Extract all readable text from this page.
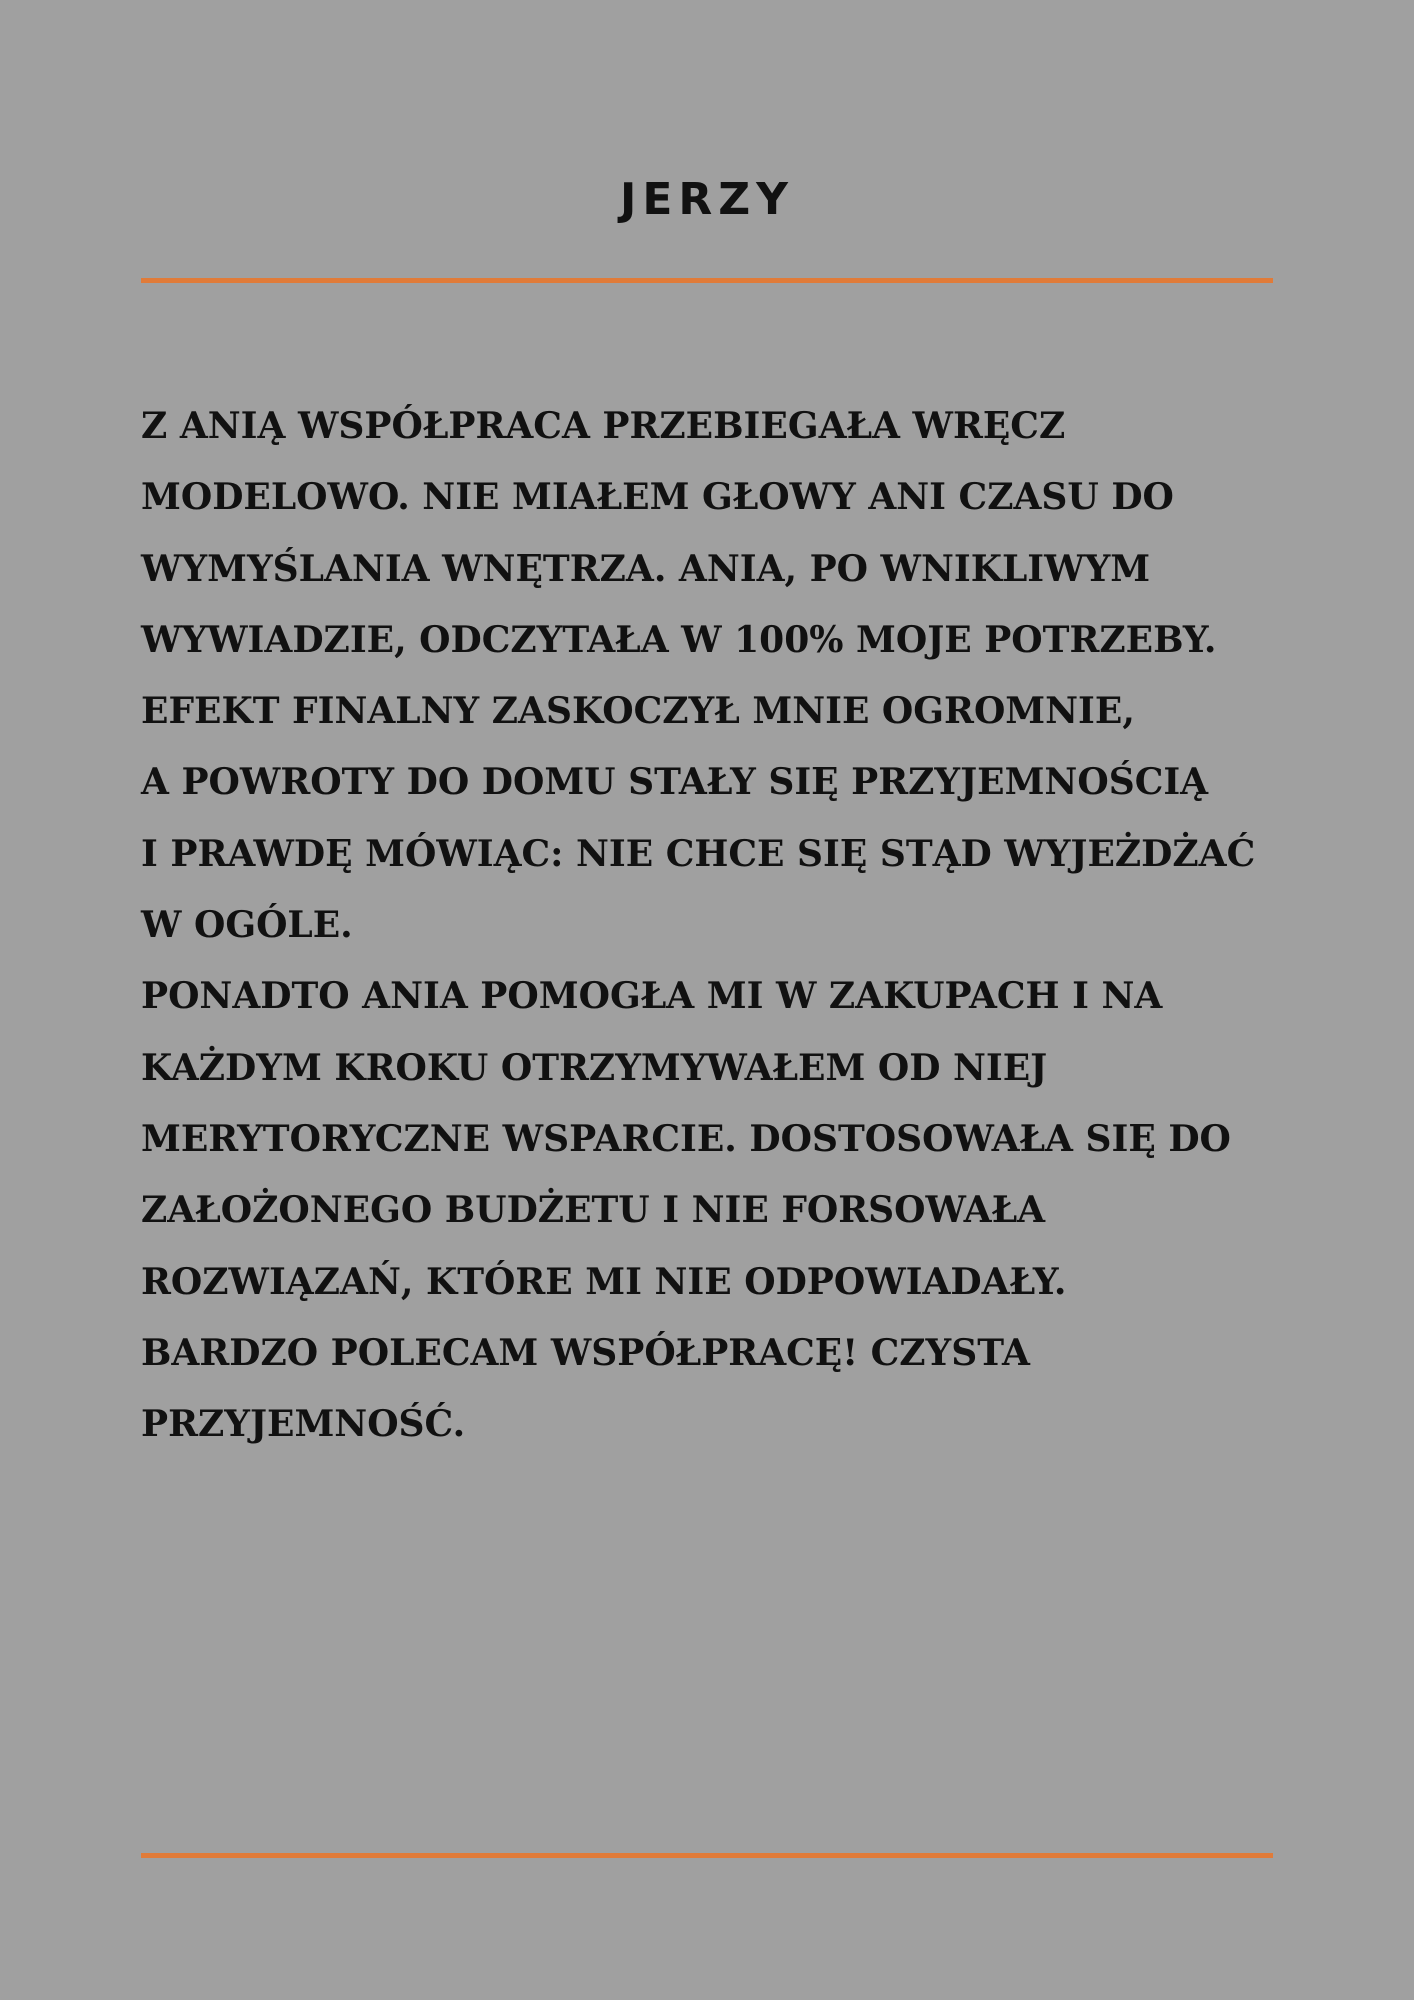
JERZY

Z ANIĄ WSPÓŁPRACA PRZEBIEGAŁA WRĘCZ
MODELOWO. NIE MIAŁEM GŁOWY ANI CZASU DO
WYMYŚLANIA WNĘTRZA. ANIA, PO WNIKLIWYM
WYWIADZIE, ODCZYTAŁA W 100% MOJE POTRZEBY.
EFEKT FINALNY ZASKOCZYŁ MNIE OGROMNIE,
A POWROTY DO DOMU STAŁY SIĘ PRZYJEMNOŚCIĄ
I PRAWDĘ MÓWIĄC: NIE CHCE SIĘ STĄD WYJEŻDŻAĆ
W OGÓLE.
PONADTO ANIA POMOGŁA MI W ZAKUPACH I NA
KAŻDYM KROKU OTRZYMYWAŁEM OD NIEJ
MERYTORYCZNE WSPARCIE. DOSTOSOWAŁA SIĘ DO
ZAŁOŻONEGO BUDŻETU I NIE FORSOWAŁA
ROZWIĄZAŃ, KTÓRE MI NIE ODPOWIADAŁY.
BARDZO POLECAM WSPÓŁPRACĘ! CZYSTA
PRZYJEMNOŚĆ.
